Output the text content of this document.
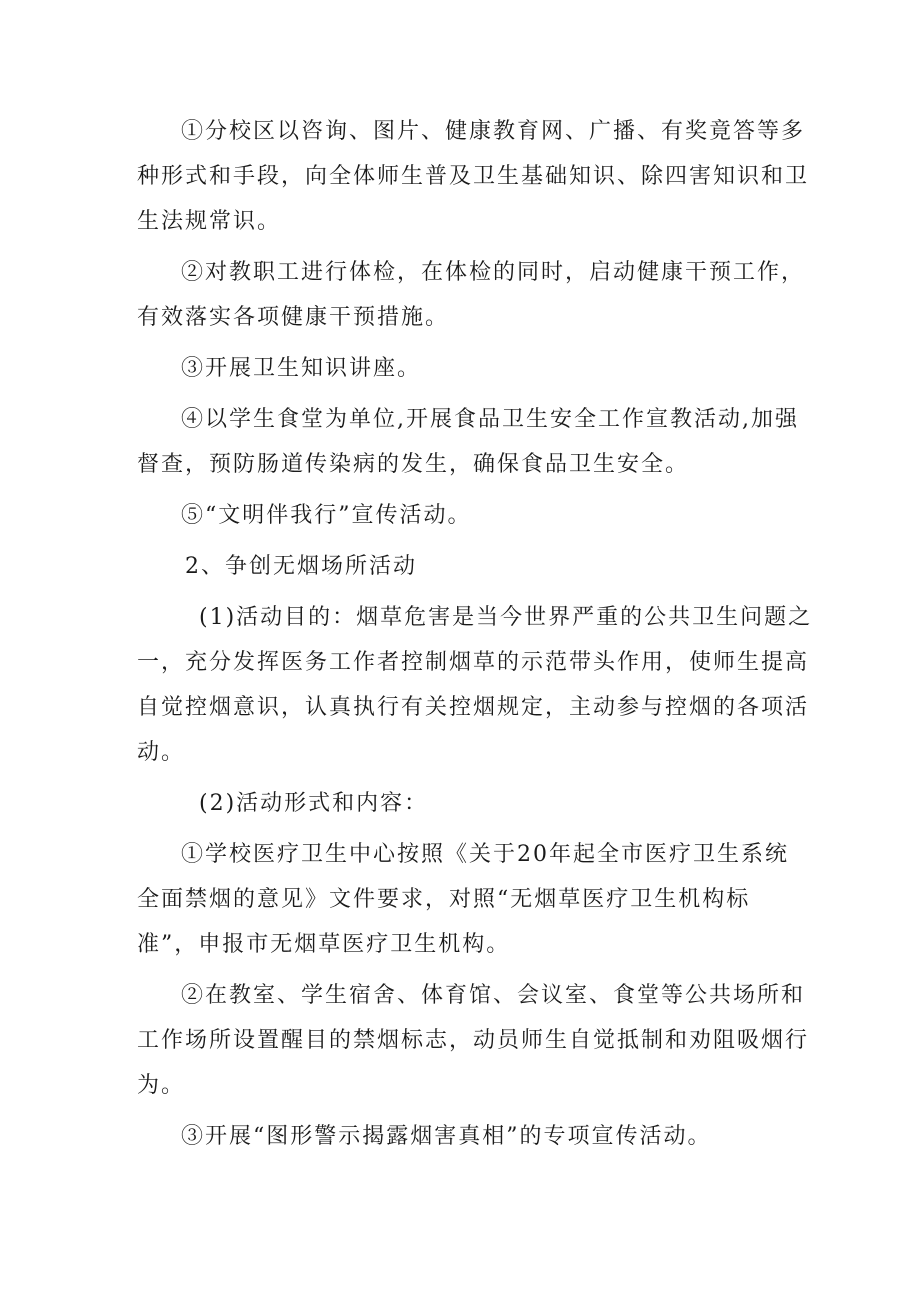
①分校区以咨询、图片、健康教育网、广播、有奖竟答等多
种形式和手段，向全体师生普及卫生基础知识、除四害知识和卫
生法规常识。
②对教职工进行体检，在体检的同时，启动健康干预工作，
有效落实各项健康干预措施。
③开展卫生知识讲座。
④以学生食堂为单位,开展食品卫生安全工作宣教活动,加强
督查，预防肠道传染病的发生，确保食品卫生安全。
⑤“文明伴我行”宣传活动。
2、争创无烟场所活动
(1)活动目的：烟草危害是当今世界严重的公共卫生问题之
一，充分发挥医务工作者控制烟草的示范带头作用，使师生提高
自觉控烟意识，认真执行有关控烟规定，主动参与控烟的各项活
动。
(2)活动形式和内容：
①学校医疗卫生中心按照《关于20年起全市医疗卫生系统
全面禁烟的意见》文件要求，对照“无烟草医疗卫生机构标
准”，申报市无烟草医疗卫生机构。
②在教室、学生宿舍、体育馆、会议室、食堂等公共场所和
工作场所设置醒目的禁烟标志，动员师生自觉抵制和劝阻吸烟行
为。
③开展“图形警示揭露烟害真相”的专项宣传活动。
